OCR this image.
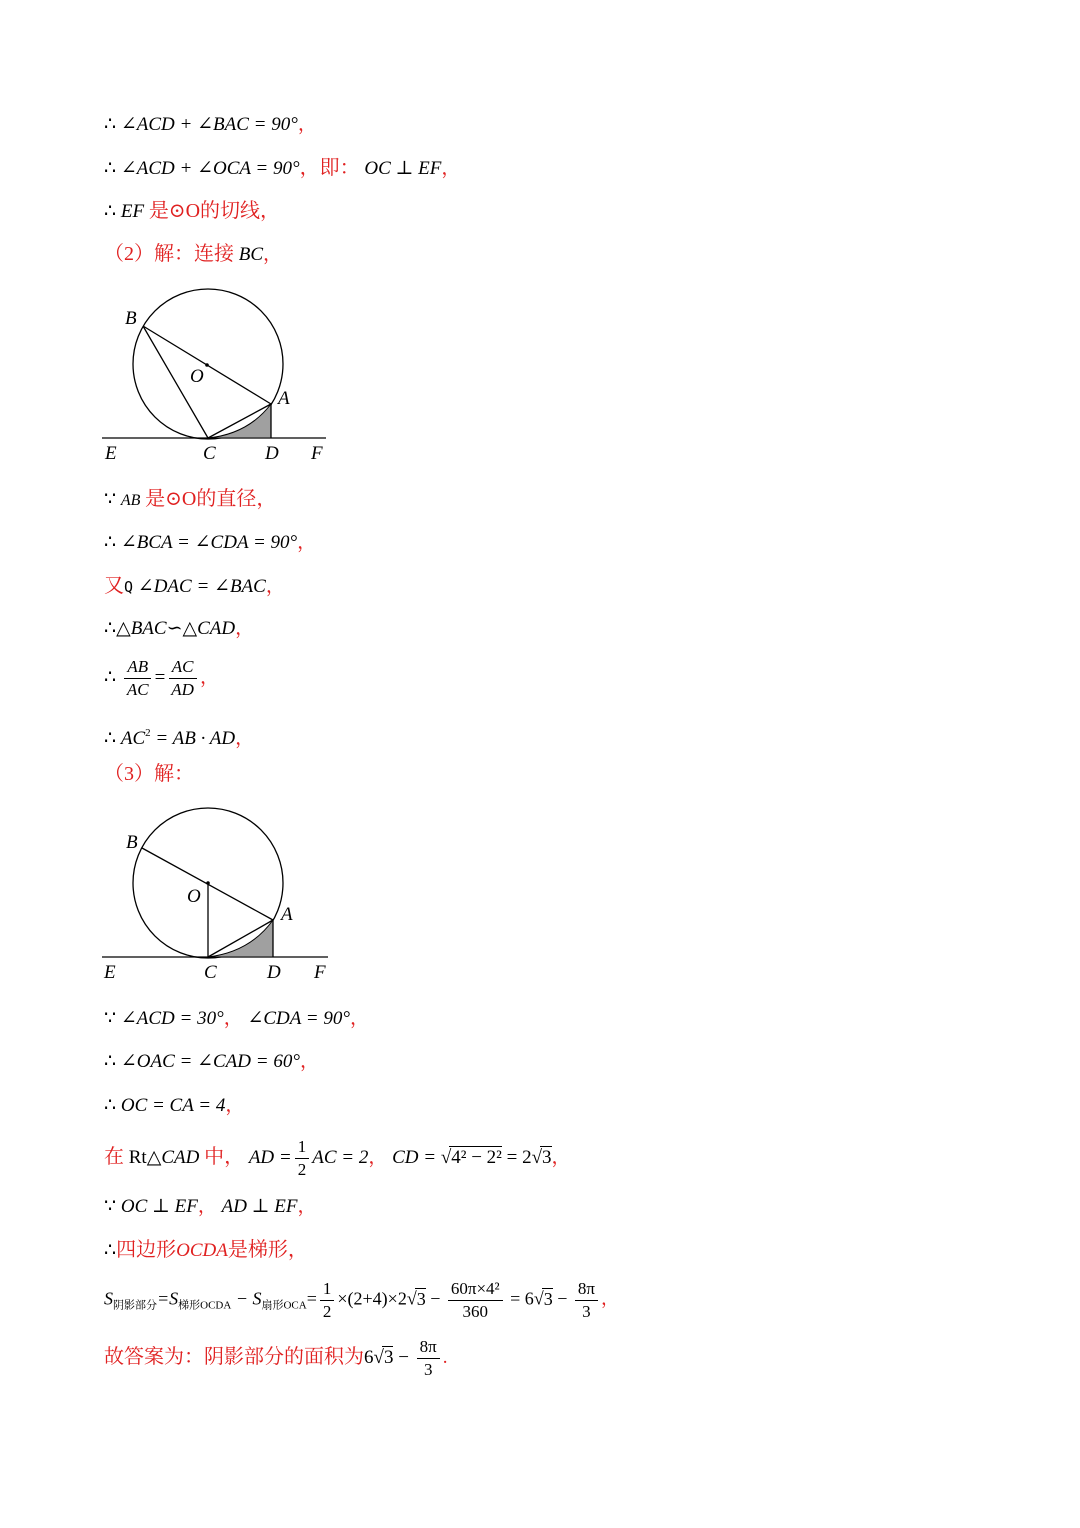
∴ ∠ACD + ∠BAC = 90°，
∴ ∠ACD + ∠OCA = 90°，即： OC ⊥ EF，
∴ EF 是⊙O的切线，
（2）解：连接 BC，
B
O
A
E	C	D F
∵ AB 是⊙O的直径，
∴ ∠BCA = ∠CDA = 90°，
又Q ∠DAC = ∠BAC，
∴△BAC∽△CAD，
∴ $\frac{AB}{AC} = \frac{AC}{AD}$ ，
∴ $AC^2$ = AB · AD，
（3）解：
B
O
A
E	C	D F
∵ ∠ACD = 30°， ∠CDA = 90°，
∴ ∠OAC = ∠CAD = 60°，
∴ OC = CA = 4，
在 Rt△CAD 中， AD = $\frac{1}{2}$ AC = 2， CD = √4² − 2² = 2√3，
∵ OC ⊥ EF， AD ⊥ EF，
∴四边形OCDA是梯形，
$S_{阴影部分}=S_{梯形OCDA} - S_{扇形OCA}= \frac{1}{2} \times(2+4)\times 2√3 - \frac{\text{60π×4²}}{360} = 6√3 - \frac{8\pi}{3}$ ，
故答案为：阴影部分的面积为$6√3 - \frac{8\pi}{3}$ .
